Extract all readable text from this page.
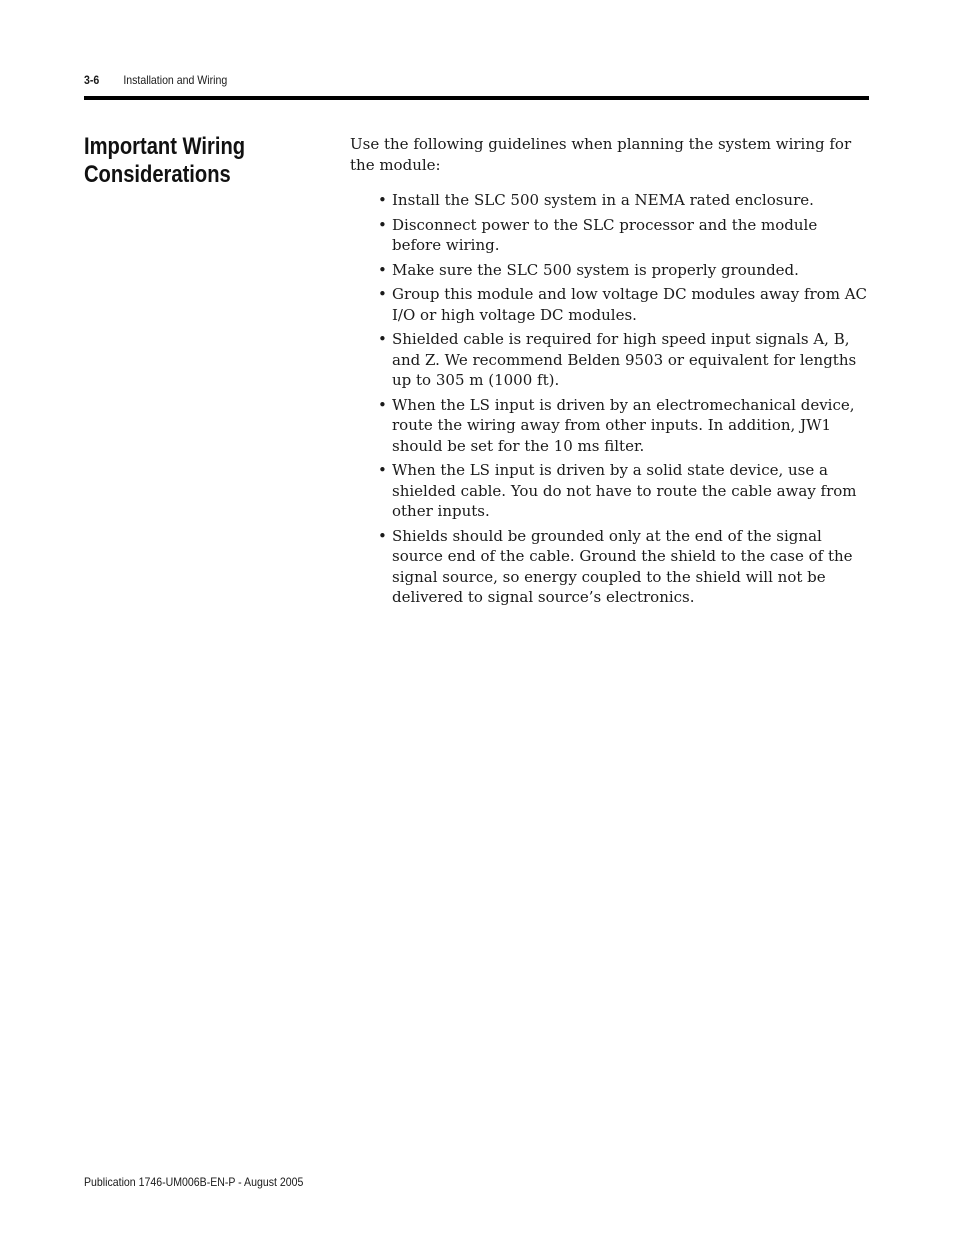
3-6 Installation and Wiring
Important Wiring
Considerations

Use the following guidelines when planning the system wiring for the module:

• Install the SLC 500 system in a NEMA rated enclosure.
• Disconnect power to the SLC processor and the module before wiring.
• Make sure the SLC 500 system is properly grounded.
• Group this module and low voltage DC modules away from AC I/O or high voltage DC modules.
• Shielded cable is required for high speed input signals A, B, and Z. We recommend Belden 9503 or equivalent for lengths up to 305 m (1000 ft).
• When the LS input is driven by an electromechanical device, route the wiring away from other inputs. In addition, JW1 should be set for the 10 ms filter.
• When the LS input is driven by a solid state device, use a shielded cable. You do not have to route the cable away from other inputs.
• Shields should be grounded only at the end of the signal source end of the cable. Ground the shield to the case of the signal source, so energy coupled to the shield will not be delivered to signal source’s electronics.
Publication 1746-UM006B-EN-P - August 2005
